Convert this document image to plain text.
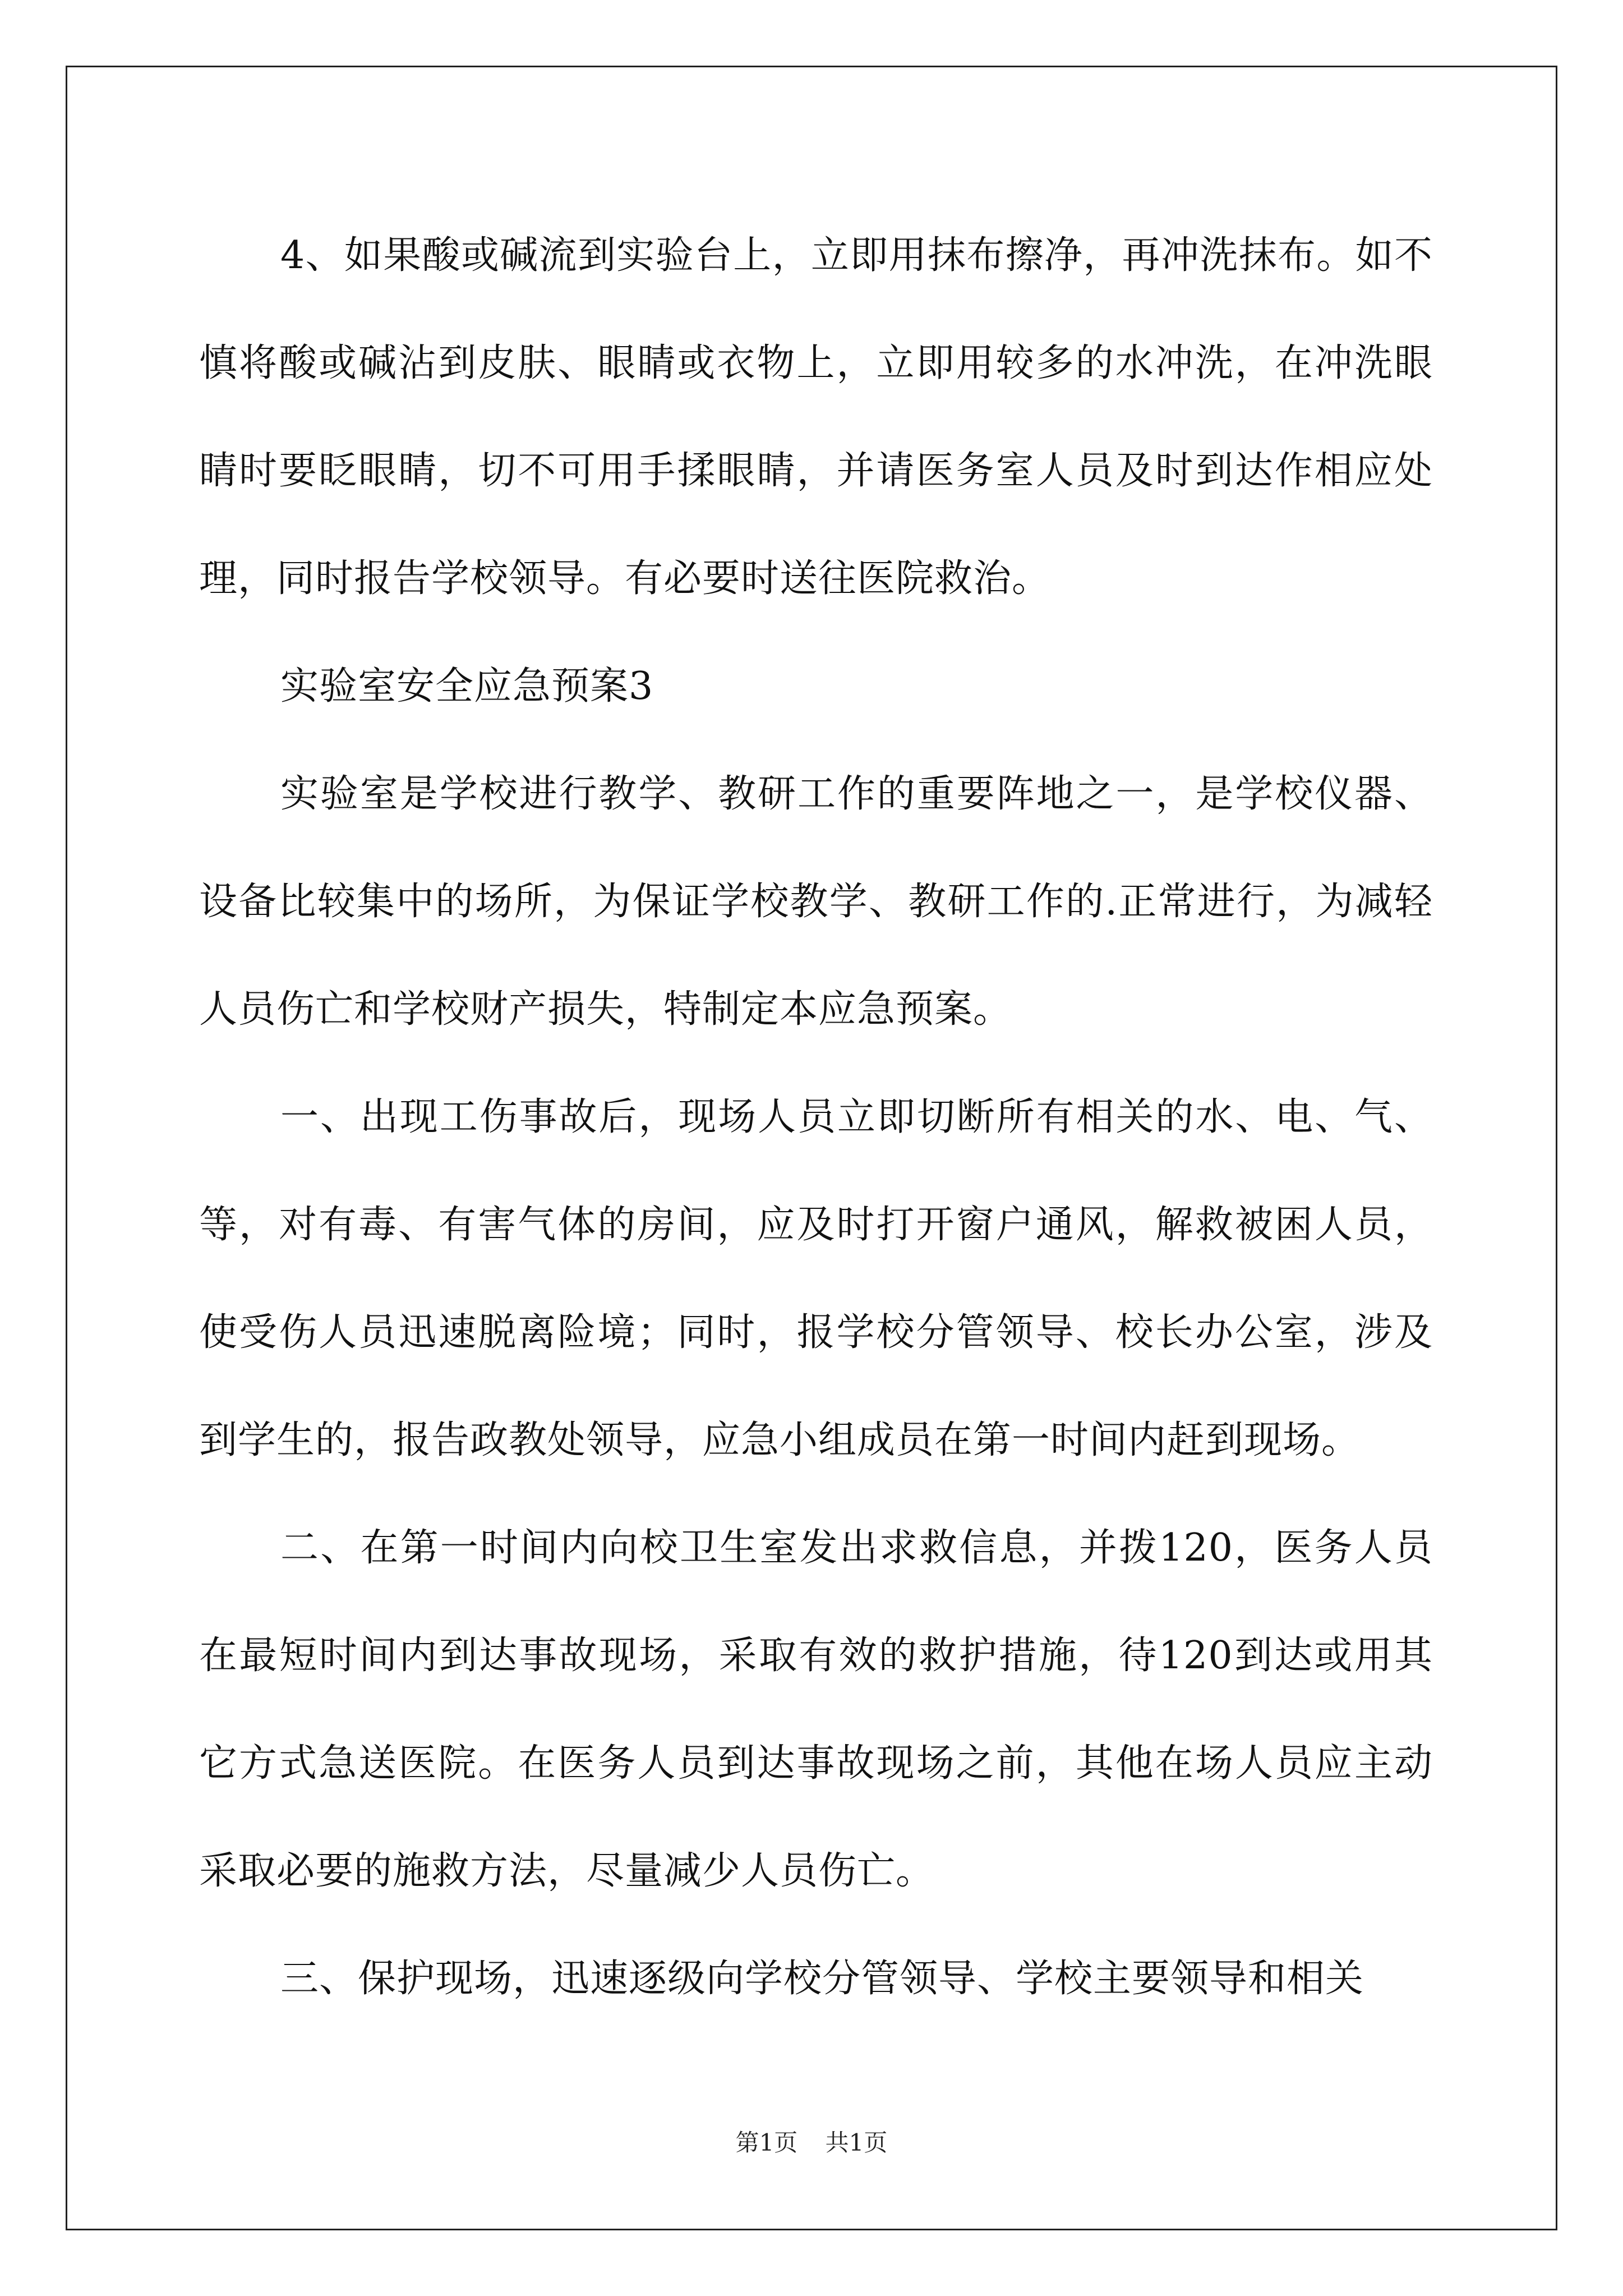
4、如果酸或碱流到实验台上，立即用抹布擦净，再冲洗抹布。如不慎将酸或碱沾到皮肤、眼睛或衣物上，立即用较多的水冲洗，在冲洗眼睛时要眨眼睛，切不可用手揉眼睛，并请医务室人员及时到达作相应处理，同时报告学校领导。有必要时送往医院救治。

实验室安全应急预案3

实验室是学校进行教学、教研工作的重要阵地之一，是学校仪器、设备比较集中的场所，为保证学校教学、教研工作的.正常进行，为减轻人员伤亡和学校财产损失，特制定本应急预案。

一、出现工伤事故后，现场人员立即切断所有相关的水、电、气、等，对有毒、有害气体的房间，应及时打开窗户通风，解救被困人员，使受伤人员迅速脱离险境；同时，报学校分管领导、校长办公室，涉及到学生的，报告政教处领导，应急小组成员在第一时间内赶到现场。

二、在第一时间内向校卫生室发出求救信息，并拨120，医务人员在最短时间内到达事故现场，采取有效的救护措施，待120到达或用其它方式急送医院。在医务人员到达事故现场之前，其他在场人员应主动采取必要的施救方法，尽量减少人员伤亡。

三、保护现场，迅速逐级向学校分管领导、学校主要领导和相关

第1页 共1页
